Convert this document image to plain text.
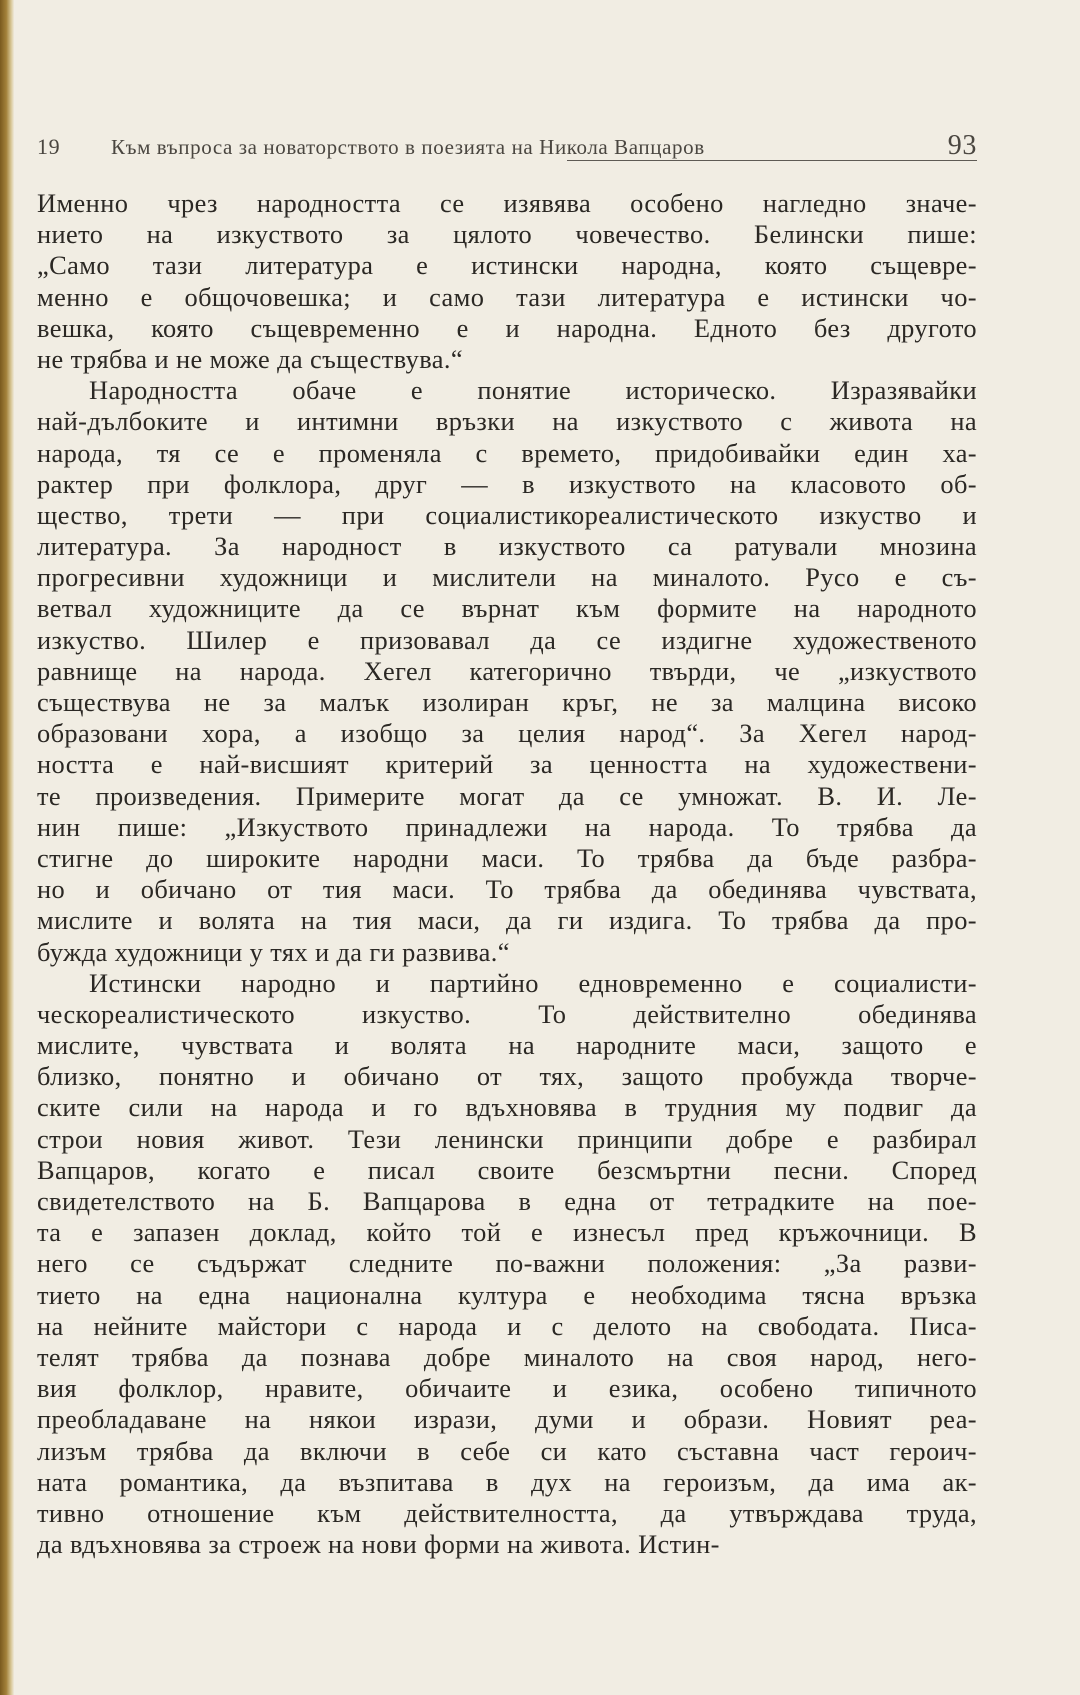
19	Към въпроса за новаторството в поезията на Никола Вапцаров	93
Именно чрез народността се изявява особено нагледно значе-
нието на изкуството за цялото човечество. Белински пише:
„Само тази литература е истински народна, която същевре-
менно е общочовешка; и само тази литература е истински чо-
вешка, която същевременно е и народна. Едното без другото
не трябва и не може да съществува.“
Народността обаче е понятие историческо. Изразявайки
най-дълбоките и интимни връзки на изкуството с живота на
народа, тя се е променяла с времето, придобивайки един ха-
рактер при фолклора, друг — в изкуството на класовото об-
щество, трети — при социалистикореалистическото изкуство и
литература. За народност в изкуството са ратували мнозина
прогресивни художници и мислители на миналото. Русо е съ-
ветвал художниците да се върнат към формите на народното
изкуство. Шилер е призовавал да се издигне художественото
равнище на народа. Хегел категорично твърди, че „изкуството
съществува не за малък изолиран кръг, не за малцина високо
образовани хора, а изобщо за целия народ“. За Хегел народ-
ността е най-висшият критерий за ценността на художествени-
те произведения. Примерите могат да се умножат. В. И. Ле-
нин пише: „Изкуството принадлежи на народа. То трябва да
стигне до широките народни маси. То трябва да бъде разбра-
но и обичано от тия маси. То трябва да обединява чувствата,
мислите и волята на тия маси, да ги издига. То трябва да про-
бужда художници у тях и да ги развива.“
Истински народно и партийно едновременно е социалисти-
ческореалистическото изкуство. То действително обединява
мислите, чувствата и волята на народните маси, защото е
близко, понятно и обичано от тях, защото пробужда творче-
ските сили на народа и го вдъхновява в трудния му подвиг да
строи новия живот. Тези ленински принципи добре е разбирал
Вапцаров, когато е писал своите безсмъртни песни. Според
свидетелството на Б. Вапцарова в една от тетрадките на пое-
та е запазен доклад, който той е изнесъл пред кръжочници. В
него се съдържат следните по-важни положения: „За разви-
тието на една национална култура е необходима тясна връзка
на нейните майстори с народа и с делото на свободата. Писа-
телят трябва да познава добре миналото на своя народ, него-
вия фолклор, нравите, обичаите и езика, особено типичното
преобладаване на някои изрази, думи и образи. Новият реа-
лизъм трябва да включи в себе си като съставна част героич-
ната романтика, да възпитава в дух на героизъм, да има ак-
тивно отношение към действителността, да утвърждава труда,
да вдъхновява за строеж на нови форми на живота. Истин-
